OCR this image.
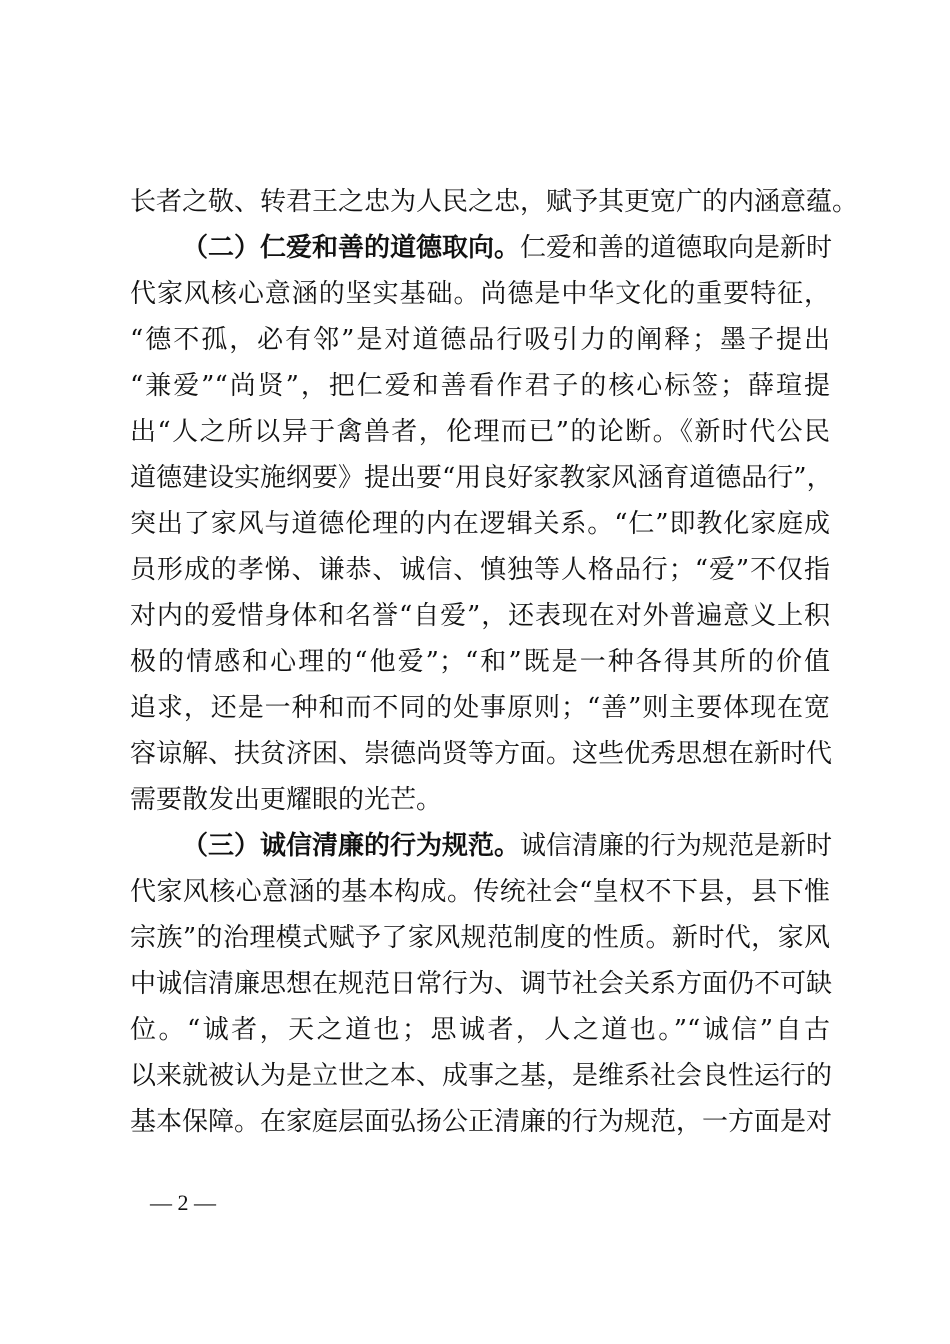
长者之敬、转君王之忠为人民之忠，赋予其更宽广的内涵意蕴。
（二）仁爱和善的道德取向。仁爱和善的道德取向是新时
代家风核心意涵的坚实基础。尚德是中华文化的重要特征，
“德不孤，必有邻”是对道德品行吸引力的阐释；墨子提出
“兼爱”“尚贤”，把仁爱和善看作君子的核心标签；薛瑄提
出“人之所以异于禽兽者，伦理而已”的论断。《新时代公民
道德建设实施纲要》提出要“用良好家教家风涵育道德品行”，
突出了家风与道德伦理的内在逻辑关系。“仁”即教化家庭成
员形成的孝悌、谦恭、诚信、慎独等人格品行；“爱”不仅指
对内的爱惜身体和名誉“自爱”，还表现在对外普遍意义上积
极的情感和心理的“他爱”；“和”既是一种各得其所的价值
追求，还是一种和而不同的处事原则；“善”则主要体现在宽
容谅解、扶贫济困、崇德尚贤等方面。这些优秀思想在新时代
需要散发出更耀眼的光芒。
（三）诚信清廉的行为规范。诚信清廉的行为规范是新时
代家风核心意涵的基本构成。传统社会“皇权不下县，县下惟
宗族”的治理模式赋予了家风规范制度的性质。新时代，家风
中诚信清廉思想在规范日常行为、调节社会关系方面仍不可缺
位。“诚者，天之道也；思诚者，人之道也。”“诚信”自古
以来就被认为是立世之本、成事之基，是维系社会良性运行的
基本保障。在家庭层面弘扬公正清廉的行为规范，一方面是对
— 2 —
